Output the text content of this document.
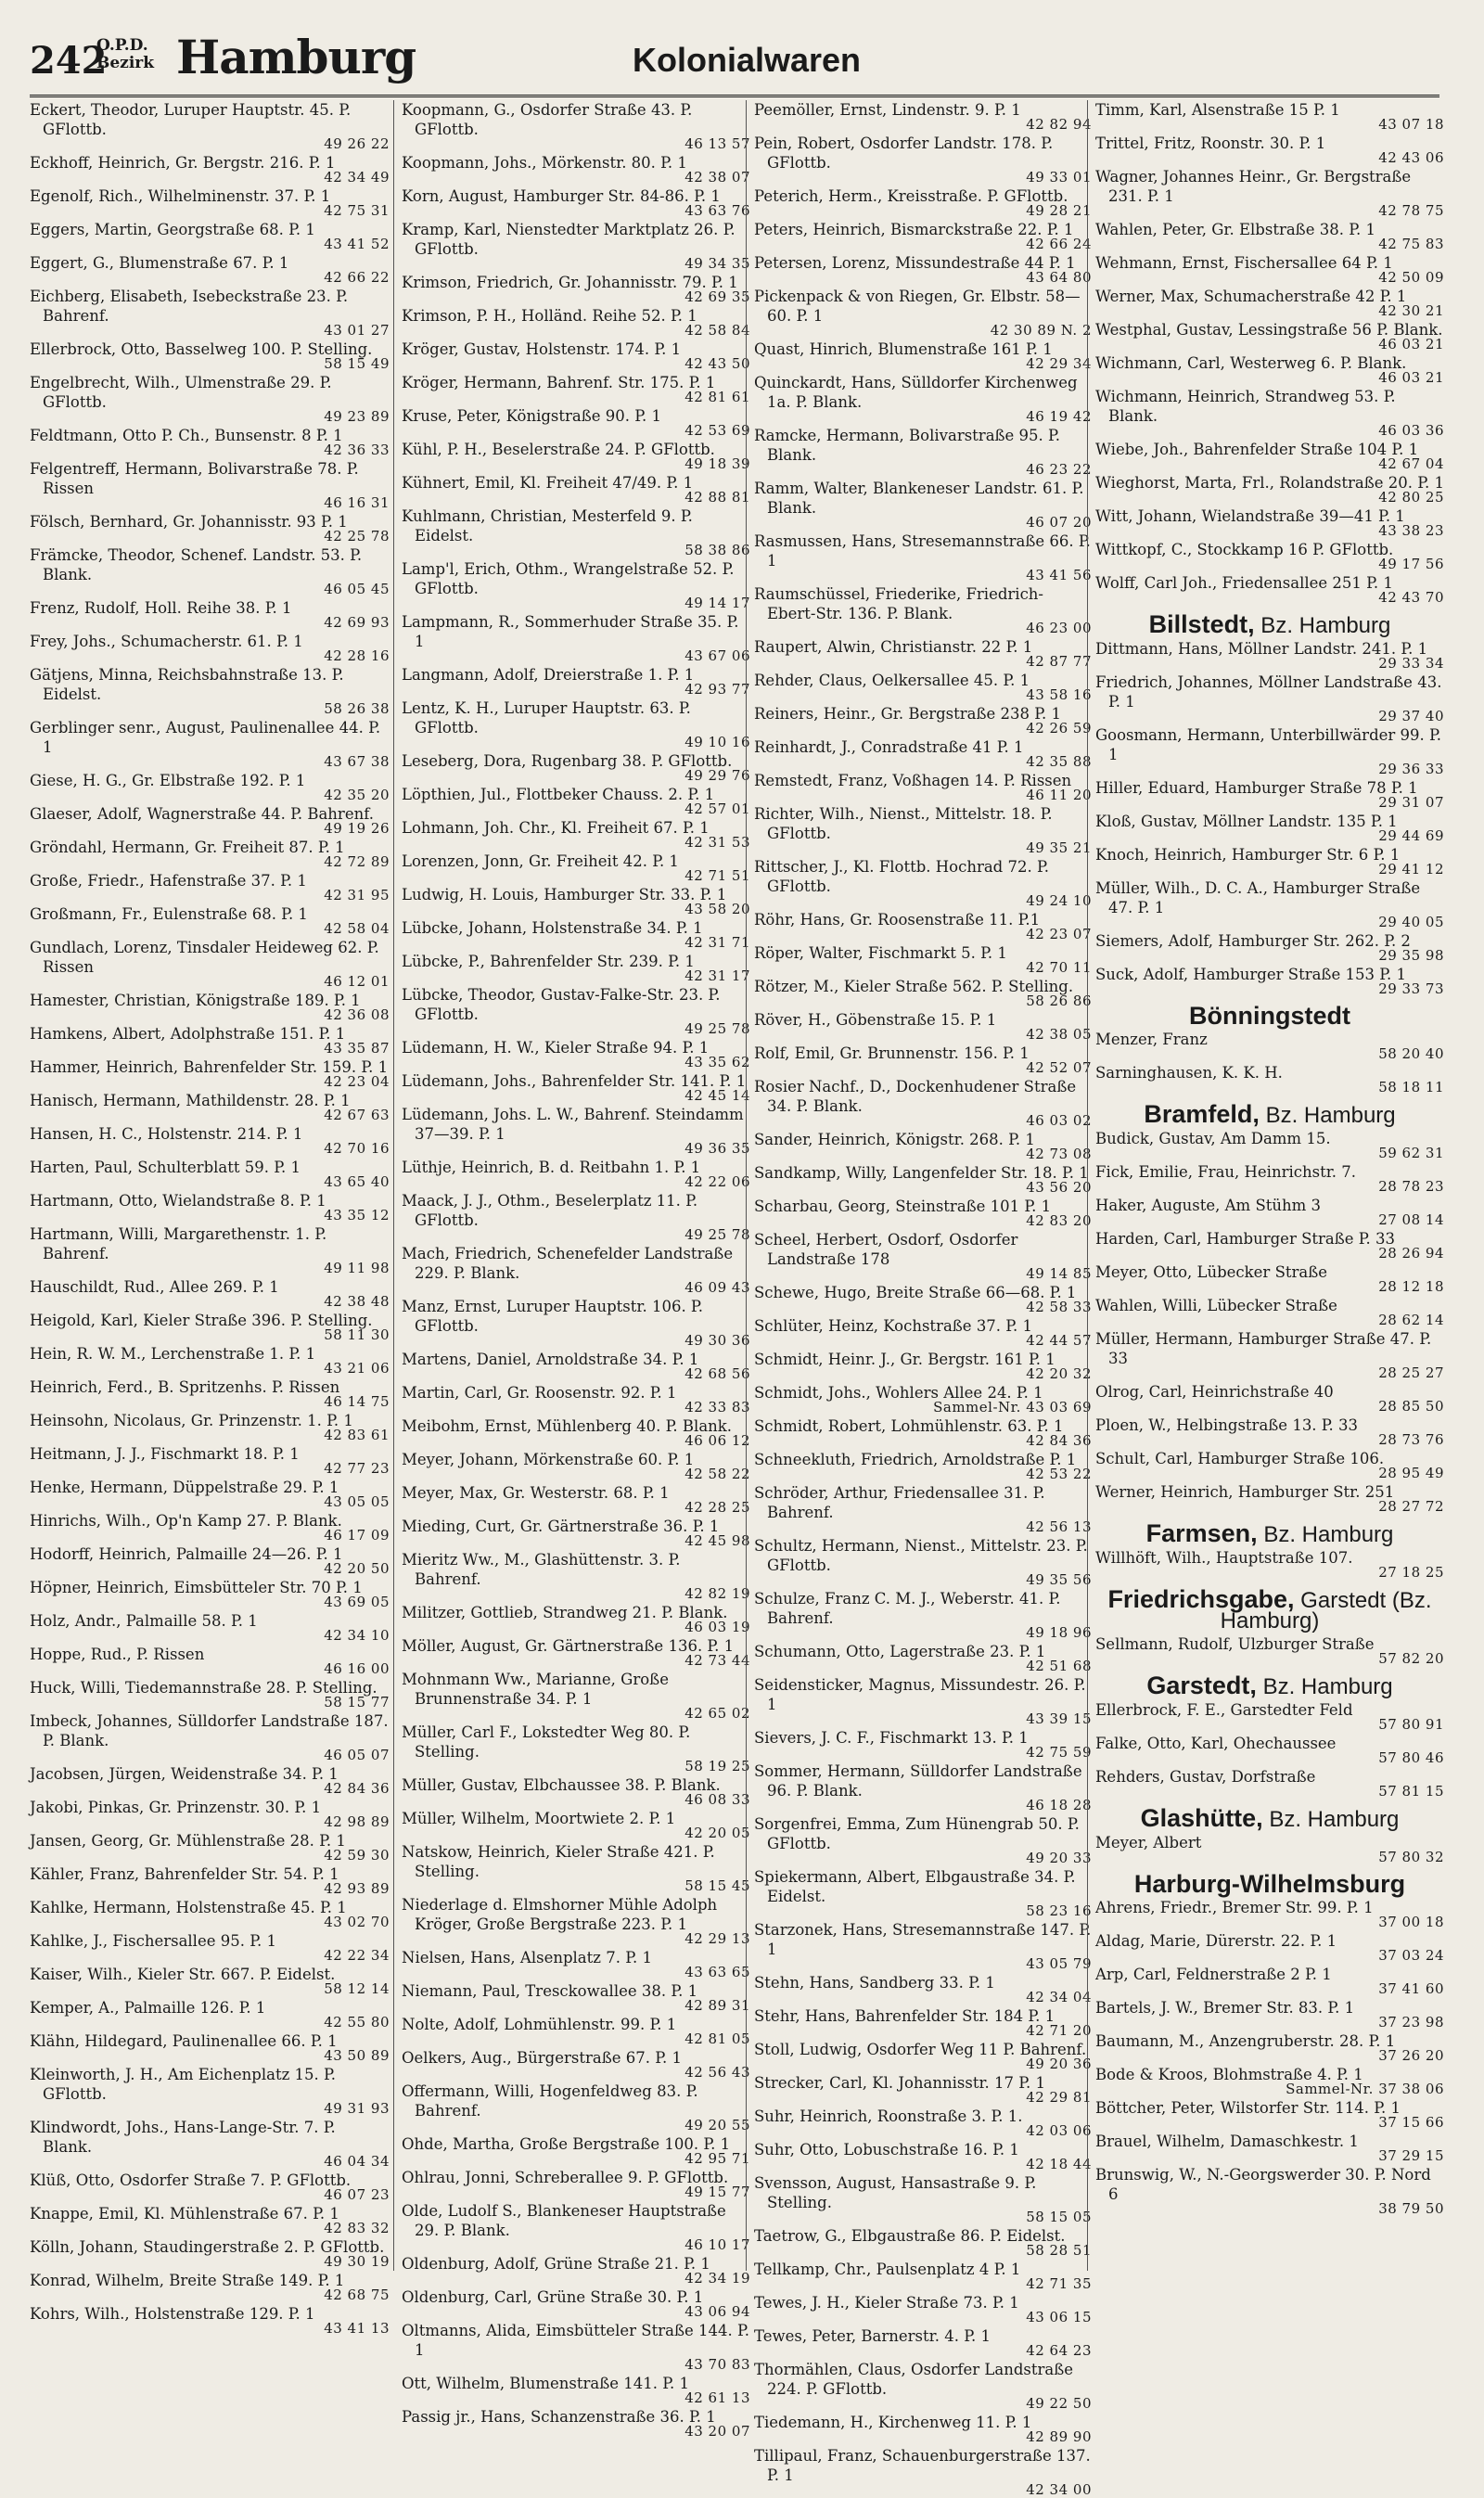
242
O.P.D.
Bezirk Hamburg	Kolonialwaren
Eckert, Theodor, Luruper Hauptstr. 45. P. GFlottb.
49 26 22
Eckhoff, Heinrich, Gr. Bergstr. 216. P. 1
42 34 49
Egenolf, Rich., Wilhelminenstr. 37. P. 1
42 75 31
Eggers, Martin, Georgstraße 68. P. 1
43 41 52
Eggert, G., Blumenstraße 67. P. 1
42 66 22
Eichberg, Elisabeth, Isebeckstraße 23. P. Bahrenf.
43 01 27
Ellerbrock, Otto, Basselweg 100. P. Stelling.
58 15 49
Engelbrecht, Wilh., Ulmenstraße 29. P. GFlottb.
49 23 89
Feldtmann, Otto P. Ch., Bunsenstr. 8 P. 1
42 36 33
Felgentreff, Hermann, Bolivarstraße 78. P. Rissen
46 16 31
Fölsch, Bernhard, Gr. Johannisstr. 93 P. 1
42 25 78
Främcke, Theodor, Schenef. Landstr. 53. P. Blank.
46 05 45
Frenz, Rudolf, Holl. Reihe 38. P. 1
42 69 93
Frey, Johs., Schumacherstr. 61. P. 1
42 28 16
Gätjens, Minna, Reichsbahnstraße 13. P. Eidelst.
58 26 38
Gerblinger senr., August, Paulinenallee 44. P. 1
43 67 38
Giese, H. G., Gr. Elbstraße 192. P. 1
42 35 20
Glaeser, Adolf, Wagnerstraße 44. P. Bahrenf.
49 19 26
Gröndahl, Hermann, Gr. Freiheit 87. P. 1
42 72 89
Große, Friedr., Hafenstraße 37. P. 1
42 31 95
Großmann, Fr., Eulenstraße 68. P. 1
42 58 04
Gundlach, Lorenz, Tinsdaler Heideweg 62. P. Rissen
46 12 01
Hamester, Christian, Königstraße 189. P. 1
42 36 08
Hamkens, Albert, Adolphstraße 151. P. 1
43 35 87
Hammer, Heinrich, Bahrenfelder Str. 159. P. 1
42 23 04
Hanisch, Hermann, Mathildenstr. 28. P. 1
42 67 63
Hansen, H. C., Holstenstr. 214. P. 1
42 70 16
Harten, Paul, Schulterblatt 59. P. 1
43 65 40
Hartmann, Otto, Wielandstraße 8. P. 1
43 35 12
Hartmann, Willi, Margarethenstr. 1. P. Bahrenf.
49 11 98
Hauschildt, Rud., Allee 269. P. 1
42 38 48
Heigold, Karl, Kieler Straße 396. P. Stelling.
58 11 30
Hein, R. W. M., Lerchenstraße 1. P. 1
43 21 06
Heinrich, Ferd., B. Spritzenhs. P. Rissen
46 14 75
Heinsohn, Nicolaus, Gr. Prinzenstr. 1. P. 1
42 83 61
Heitmann, J. J., Fischmarkt 18. P. 1
42 77 23
Henke, Hermann, Düppelstraße 29. P. 1
43 05 05
Hinrichs, Wilh., Op'n Kamp 27. P. Blank.
46 17 09
Hodorff, Heinrich, Palmaille 24—26. P. 1
42 20 50
Höpner, Heinrich, Eimsbütteler Str. 70 P. 1
43 69 05
Holz, Andr., Palmaille 58. P. 1
42 34 10
Hoppe, Rud., P. Rissen
46 16 00
Huck, Willi, Tiedemannstraße 28. P. Stelling.
58 15 77
Imbeck, Johannes, Sülldorfer Landstraße 187. P. Blank.
46 05 07
Jacobsen, Jürgen, Weidenstraße 34. P. 1
42 84 36
Jakobi, Pinkas, Gr. Prinzenstr. 30. P. 1
42 98 89
Jansen, Georg, Gr. Mühlenstraße 28. P. 1
42 59 30
Kähler, Franz, Bahrenfelder Str. 54. P. 1
42 93 89
Kahlke, Hermann, Holstenstraße 45. P. 1
43 02 70
Kahlke, J., Fischersallee 95. P. 1
42 22 34
Kaiser, Wilh., Kieler Str. 667. P. Eidelst.
58 12 14
Kemper, A., Palmaille 126. P. 1
42 55 80
Klähn, Hildegard, Paulinenallee 66. P. 1
43 50 89
Kleinworth, J. H., Am Eichenplatz 15. P. GFlottb.
49 31 93
Klindwordt, Johs., Hans-Lange-Str. 7. P. Blank.
46 04 34
Klüß, Otto, Osdorfer Straße 7. P. GFlottb.
46 07 23
Knappe, Emil, Kl. Mühlenstraße 67. P. 1
42 83 32
Kölln, Johann, Staudingerstraße 2. P. GFlottb.
49 30 19
Konrad, Wilhelm, Breite Straße 149. P. 1
42 68 75
Kohrs, Wilh., Holstenstraße 129. P. 1
43 41 13
Koopmann, G., Osdorfer Straße 43. P. GFlottb.
46 13 57
Koopmann, Johs., Mörkenstr. 80. P. 1
42 38 07
Korn, August, Hamburger Str. 84-86. P. 1
43 63 76
Kramp, Karl, Nienstedter Marktplatz 26. P. GFlottb.
49 34 35
Krimson, Friedrich, Gr. Johannisstr. 79. P. 1
42 69 35
Krimson, P. H., Holländ. Reihe 52. P. 1
42 58 84
Kröger, Gustav, Holstenstr. 174. P. 1
42 43 50
Kröger, Hermann, Bahrenf. Str. 175. P. 1
42 81 61
Kruse, Peter, Königstraße 90. P. 1
42 53 69
Kühl, P. H., Beselerstraße 24. P. GFlottb.
49 18 39
Kühnert, Emil, Kl. Freiheit 47/49. P. 1
42 88 81
Kuhlmann, Christian, Mesterfeld 9. P. Eidelst.
58 38 86
Lamp'l, Erich, Othm., Wrangelstraße 52. P. GFlottb.
49 14 17
Lampmann, R., Sommerhuder Straße 35. P. 1
43 67 06
Langmann, Adolf, Dreierstraße 1. P. 1
42 93 77
Lentz, K. H., Luruper Hauptstr. 63. P. GFlottb.
49 10 16
Leseberg, Dora, Rugenbarg 38. P. GFlottb.
49 29 76
Löpthien, Jul., Flottbeker Chauss. 2. P. 1
42 57 01
Lohmann, Joh. Chr., Kl. Freiheit 67. P. 1
42 31 53
Lorenzen, Jonn, Gr. Freiheit 42. P. 1
42 71 51
Ludwig, H. Louis, Hamburger Str. 33. P. 1
43 58 20
Lübcke, Johann, Holstenstraße 34. P. 1
42 31 71
Lübcke, P., Bahrenfelder Str. 239. P. 1
42 31 17
Lübcke, Theodor, Gustav-Falke-Str. 23. P. GFlottb.
49 25 78
Lüdemann, H. W., Kieler Straße 94. P. 1
43 35 62
Lüdemann, Johs., Bahrenfelder Str. 141. P. 1
42 45 14
Lüdemann, Johs. L. W., Bahrenf. Steindamm 37—39. P. 1
49 36 35
Lüthje, Heinrich, B. d. Reitbahn 1. P. 1
42 22 06
Maack, J. J., Othm., Beselerplatz 11. P. GFlottb.
49 25 78
Mach, Friedrich, Schenefelder Landstraße 229. P. Blank.
46 09 43
Manz, Ernst, Luruper Hauptstr. 106. P. GFlottb.
49 30 36
Martens, Daniel, Arnoldstraße 34. P. 1
42 68 56
Martin, Carl, Gr. Roosenstr. 92. P. 1
42 33 83
Meibohm, Ernst, Mühlenberg 40. P. Blank.
46 06 12
Meyer, Johann, Mörkenstraße 60. P. 1
42 58 22
Meyer, Max, Gr. Westerstr. 68. P. 1
42 28 25
Mieding, Curt, Gr. Gärtnerstraße 36. P. 1
42 45 98
Mieritz Ww., M., Glashüttenstr. 3. P. Bahrenf.
42 82 19
Militzer, Gottlieb, Strandweg 21. P. Blank.
46 03 19
Möller, August, Gr. Gärtnerstraße 136. P. 1
42 73 44
Mohnmann Ww., Marianne, Große Brunnenstraße 34. P. 1
42 65 02
Müller, Carl F., Lokstedter Weg 80. P. Stelling.
58 19 25
Müller, Gustav, Elbchaussee 38. P. Blank.
46 08 33
Müller, Wilhelm, Moortwiete 2. P. 1
42 20 05
Natskow, Heinrich, Kieler Straße 421. P. Stelling.
58 15 45
Niederlage d. Elmshorner Mühle Adolph Kröger, Große Bergstraße 223. P. 1
42 29 13
Nielsen, Hans, Alsenplatz 7. P. 1
43 63 65
Niemann, Paul, Tresckowallee 38. P. 1
42 89 31
Nolte, Adolf, Lohmühlenstr. 99. P. 1
42 81 05
Oelkers, Aug., Bürgerstraße 67. P. 1
42 56 43
Offermann, Willi, Hogenfeldweg 83. P. Bahrenf.
49 20 55
Ohde, Martha, Große Bergstraße 100. P. 1
42 95 71
Ohlrau, Jonni, Schreberallee 9. P. GFlottb.
49 15 77
Olde, Ludolf S., Blankeneser Hauptstraße 29. P. Blank.
46 10 17
Oldenburg, Adolf, Grüne Straße 21. P. 1
42 34 19
Oldenburg, Carl, Grüne Straße 30. P. 1
43 06 94
Oltmanns, Alida, Eimsbütteler Straße 144. P. 1
43 70 83
Ott, Wilhelm, Blumenstraße 141. P. 1
42 61 13
Passig jr., Hans, Schanzenstraße 36. P. 1
43 20 07
Peemöller, Ernst, Lindenstr. 9. P. 1
42 82 94
Pein, Robert, Osdorfer Landstr. 178. P. GFlottb.
49 33 01
Peterich, Herm., Kreisstraße. P. GFlottb.
49 28 21
Peters, Heinrich, Bismarckstraße 22. P. 1
42 66 24
Petersen, Lorenz, Missundestraße 44 P. 1
43 64 80
Pickenpack & von Riegen, Gr. Elbstr. 58—60. P. 1
42 30 89 N. 2
Quast, Hinrich, Blumenstraße 161 P. 1
42 29 34
Quinckardt, Hans, Sülldorfer Kirchenweg 1a. P. Blank.
46 19 42
Ramcke, Hermann, Bolivarstraße 95. P. Blank.
46 23 22
Ramm, Walter, Blankeneser Landstr. 61. P. Blank.
46 07 20
Rasmussen, Hans, Stresemannstraße 66. P. 1
43 41 56
Raumschüssel, Friederike, Friedrich-Ebert-Str. 136. P. Blank.
46 23 00
Raupert, Alwin, Christianstr. 22 P. 1
42 87 77
Rehder, Claus, Oelkersallee 45. P. 1
43 58 16
Reiners, Heinr., Gr. Bergstraße 238 P. 1
42 26 59
Reinhardt, J., Conradstraße 41 P. 1
42 35 88
Remstedt, Franz, Voßhagen 14. P. Rissen
46 11 20
Richter, Wilh., Nienst., Mittelstr. 18. P. GFlottb.
49 35 21
Rittscher, J., Kl. Flottb. Hochrad 72. P. GFlottb.
49 24 10
Röhr, Hans, Gr. Roosenstraße 11. P.1
42 23 07
Röper, Walter, Fischmarkt 5. P. 1
42 70 11
Rötzer, M., Kieler Straße 562. P. Stelling.
58 26 86
Röver, H., Göbenstraße 15. P. 1
42 38 05
Rolf, Emil, Gr. Brunnenstr. 156. P. 1
42 52 07
Rosier Nachf., D., Dockenhudener Straße 34. P. Blank.
46 03 02
Sander, Heinrich, Königstr. 268. P. 1
42 73 08
Sandkamp, Willy, Langenfelder Str. 18. P. 1
43 56 20
Scharbau, Georg, Steinstraße 101 P. 1
42 83 20
Scheel, Herbert, Osdorf, Osdorfer Landstraße 178
49 14 85
Schewe, Hugo, Breite Straße 66—68. P. 1
42 58 33
Schlüter, Heinz, Kochstraße 37. P. 1
42 44 57
Schmidt, Heinr. J., Gr. Bergstr. 161 P. 1
42 20 32
Schmidt, Johs., Wohlers Allee 24. P. 1
Sammel-Nr. 43 03 69
Schmidt, Robert, Lohmühlenstr. 63. P. 1
42 84 36
Schneekluth, Friedrich, Arnoldstraße P. 1
42 53 22
Schröder, Arthur, Friedensallee 31. P. Bahrenf.
42 56 13
Schultz, Hermann, Nienst., Mittelstr. 23. P. GFlottb.
49 35 56
Schulze, Franz C. M. J., Weberstr. 41. P. Bahrenf.
49 18 96
Schumann, Otto, Lagerstraße 23. P. 1
42 51 68
Seidensticker, Magnus, Missundestr. 26. P. 1
43 39 15
Sievers, J. C. F., Fischmarkt 13. P. 1
42 75 59
Sommer, Hermann, Sülldorfer Landstraße 96. P. Blank.
46 18 28
Sorgenfrei, Emma, Zum Hünengrab 50. P. GFlottb.
49 20 33
Spiekermann, Albert, Elbgaustraße 34. P. Eidelst.
58 23 16
Starzonek, Hans, Stresemannstraße 147. P. 1
43 05 79
Stehn, Hans, Sandberg 33. P. 1
42 34 04
Stehr, Hans, Bahrenfelder Str. 184 P. 1
42 71 20
Stoll, Ludwig, Osdorfer Weg 11 P. Bahrenf.
49 20 36
Strecker, Carl, Kl. Johannisstr. 17 P. 1
42 29 81
Suhr, Heinrich, Roonstraße 3. P. 1.
42 03 06
Suhr, Otto, Lobuschstraße 16. P. 1
42 18 44
Svensson, August, Hansastraße 9. P. Stelling.
58 15 05
Taetrow, G., Elbgaustraße 86. P. Eidelst.
58 28 51
Tellkamp, Chr., Paulsenplatz 4 P. 1
42 71 35
Tewes, J. H., Kieler Straße 73. P. 1
43 06 15
Tewes, Peter, Barnerstr. 4. P. 1
42 64 23
Thormählen, Claus, Osdorfer Landstraße 224. P. GFlottb.
49 22 50
Tiedemann, H., Kirchenweg 11. P. 1
42 89 90
Tillipaul, Franz, Schauenburgerstraße 137. P. 1
42 34 00
Timm, Karl, Alsenstraße 15 P. 1
43 07 18
Trittel, Fritz, Roonstr. 30. P. 1
42 43 06
Wagner, Johannes Heinr., Gr. Bergstraße 231. P. 1
42 78 75
Wahlen, Peter, Gr. Elbstraße 38. P. 1
42 75 83
Wehmann, Ernst, Fischersallee 64 P. 1
42 50 09
Werner, Max, Schumacherstraße 42 P. 1
42 30 21
Westphal, Gustav, Lessingstraße 56 P. Blank.
46 03 21
Wichmann, Carl, Westerweg 6. P. Blank.
46 03 21
Wichmann, Heinrich, Strandweg 53. P. Blank.
46 03 36
Wiebe, Joh., Bahrenfelder Straße 104 P. 1
42 67 04
Wieghorst, Marta, Frl., Rolandstraße 20. P. 1
42 80 25
Witt, Johann, Wielandstraße 39—41 P. 1
43 38 23
Wittkopf, C., Stockkamp 16 P. GFlottb.
49 17 56
Wolff, Carl Joh., Friedensallee 251 P. 1
42 43 70
Billstedt, Bz. Hamburg
Dittmann, Hans, Möllner Landstr. 241. P. 1
29 33 34
Friedrich, Johannes, Möllner Landstraße 43. P. 1
29 37 40
Goosmann, Hermann, Unterbillwärder 99. P. 1
29 36 33
Hiller, Eduard, Hamburger Straße 78 P. 1
29 31 07
Kloß, Gustav, Möllner Landstr. 135 P. 1
29 44 69
Knoch, Heinrich, Hamburger Str. 6 P. 1
29 41 12
Müller, Wilh., D. C. A., Hamburger Straße 47. P. 1
29 40 05
Siemers, Adolf, Hamburger Str. 262. P. 2
29 35 98
Suck, Adolf, Hamburger Straße 153 P. 1
29 33 73
Bönningstedt
Menzer, Franz
58 20 40
Sarninghausen, K. K. H.
58 18 11
Bramfeld, Bz. Hamburg
Budick, Gustav, Am Damm 15.
59 62 31
Fick, Emilie, Frau, Heinrichstr. 7.
28 78 23
Haker, Auguste, Am Stühm 3
27 08 14
Harden, Carl, Hamburger Straße P. 33
28 26 94
Meyer, Otto, Lübecker Straße
28 12 18
Wahlen, Willi, Lübecker Straße
28 62 14
Müller, Hermann, Hamburger Straße 47. P. 33
28 25 27
Olrog, Carl, Heinrichstraße 40
28 85 50
Ploen, W., Helbingstraße 13. P. 33
28 73 76
Schult, Carl, Hamburger Straße 106.
28 95 49
Werner, Heinrich, Hamburger Str. 251
28 27 72
Farmsen, Bz. Hamburg
Willhöft, Wilh., Hauptstraße 107.
27 18 25
Friedrichsgabe, Garstedt (Bz. Hamburg)
Sellmann, Rudolf, Ulzburger Straße
57 82 20
Garstedt, Bz. Hamburg
Ellerbrock, F. E., Garstedter Feld
57 80 91
Falke, Otto, Karl, Ohechaussee
57 80 46
Rehders, Gustav, Dorfstraße
57 81 15
Glashütte, Bz. Hamburg
Meyer, Albert
57 80 32
Harburg-Wilhelmsburg
Ahrens, Friedr., Bremer Str. 99. P. 1
37 00 18
Aldag, Marie, Dürerstr. 22. P. 1
37 03 24
Arp, Carl, Feldnerstraße 2 P. 1
37 41 60
Bartels, J. W., Bremer Str. 83. P. 1
37 23 98
Baumann, M., Anzengruberstr. 28. P. 1
37 26 20
Bode & Kroos, Blohmstraße 4. P. 1
Sammel-Nr. 37 38 06
Böttcher, Peter, Wilstorfer Str. 114. P. 1
37 15 66
Brauel, Wilhelm, Damaschkestr. 1
37 29 15
Brunswig, W., N.-Georgswerder 30. P. Nord 6
38 79 50
